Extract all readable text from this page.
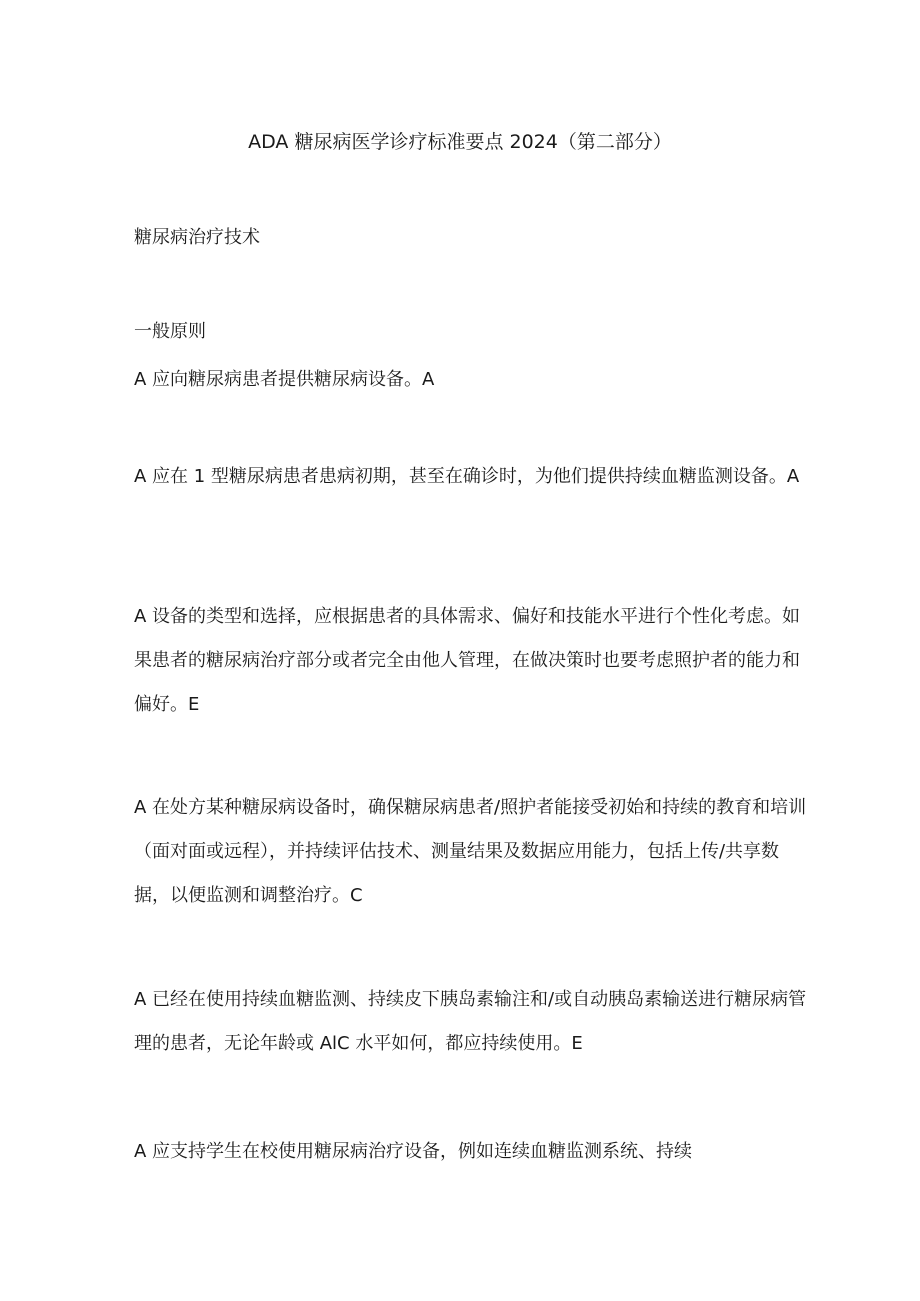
ADA 糖尿病医学诊疗标准要点 2024（第二部分）
糖尿病治疗技术
一般原则

A 应向糖尿病患者提供糖尿病设备。A

A 应在 1 型糖尿病患者患病初期，甚至在确诊时，为他们提供持续血糖监测设备。A

A 设备的类型和选择，应根据患者的具体需求、偏好和技能水平进行个性化考虑。如果患者的糖尿病治疗部分或者完全由他人管理，在做决策时也要考虑照护者的能力和偏好。E

A 在处方某种糖尿病设备时，确保糖尿病患者/照护者能接受初始和持续的教育和培训（面对面或远程），并持续评估技术、测量结果及数据应用能力，包括上传/共享数据，以便监测和调整治疗。C

A 已经在使用持续血糖监测、持续皮下胰岛素输注和/或自动胰岛素输送进行糖尿病管理的患者，无论年龄或 AlC 水平如何，都应持续使用。E

A 应支持学生在校使用糖尿病治疗设备，例如连续血糖监测系统、持续
